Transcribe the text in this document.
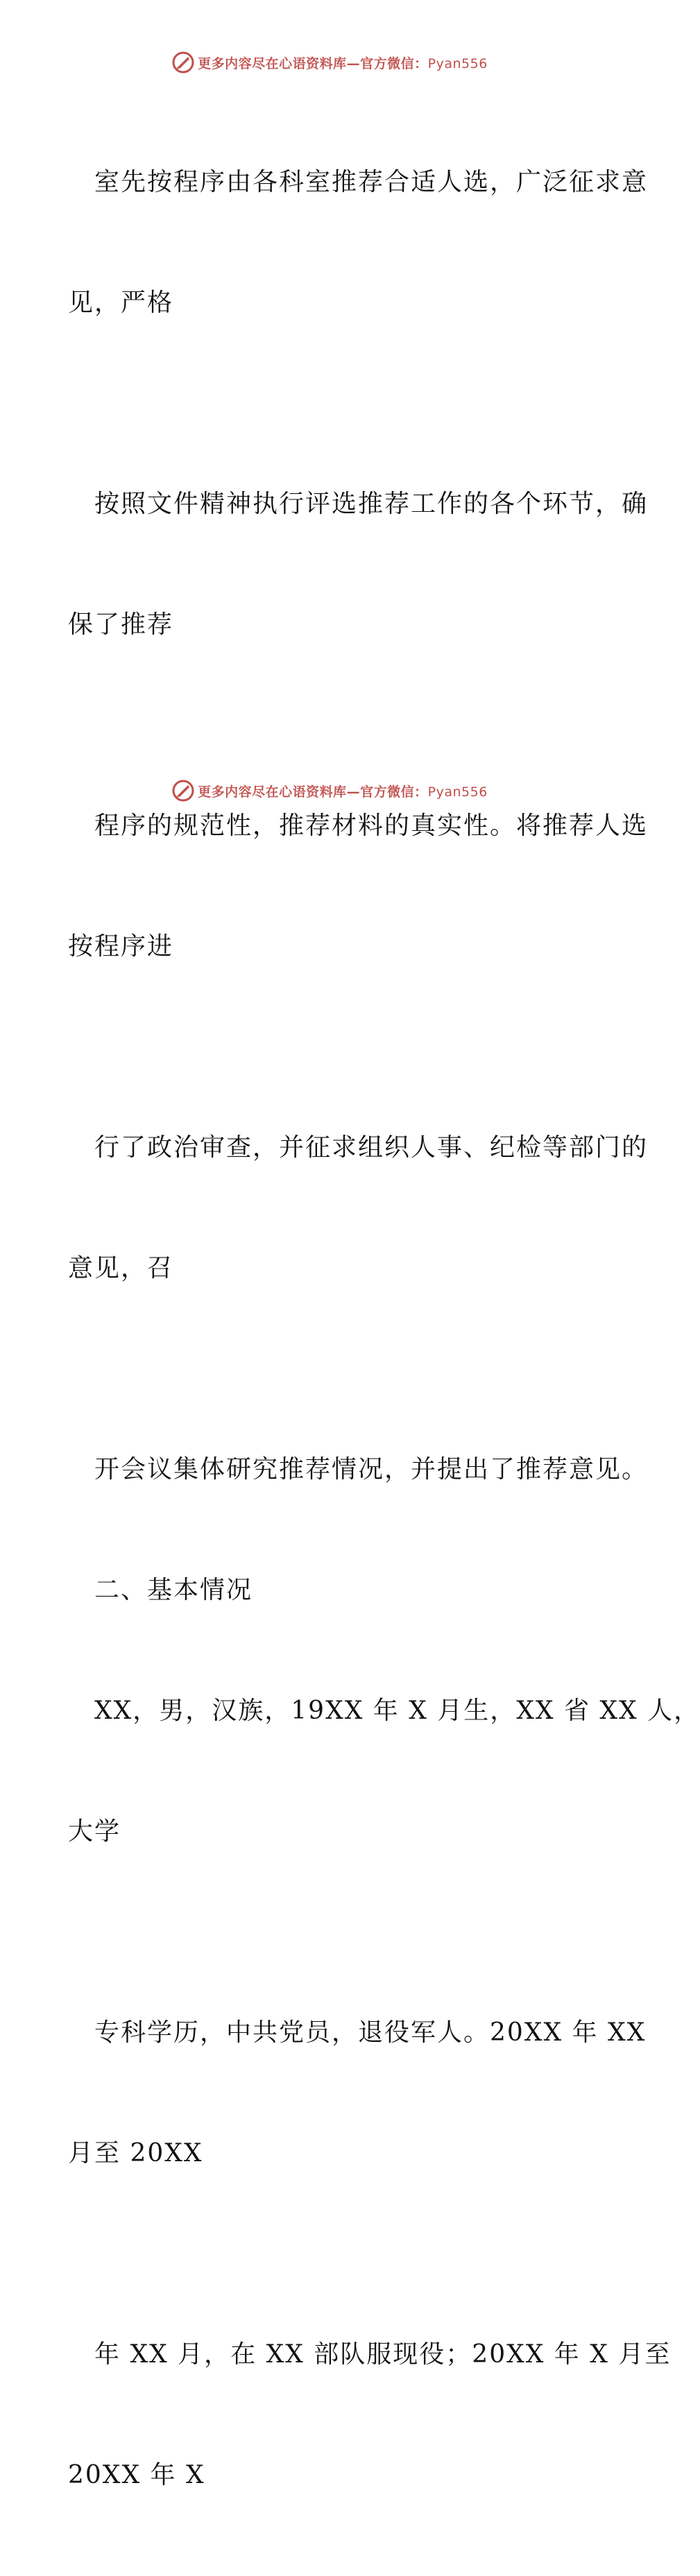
更多内容尽在心语资料库—官方微信：Pyan556

室先按程序由各科室推荐合适人选，广泛征求意

见，严格

按照文件精神执行评选推荐工作的各个环节，确

保了推荐

程序的规范性，推荐材料的真实性。将推荐人选

按程序进

行了政治审查，并征求组织人事、纪检等部门的

意见，召

开会议集体研究推荐情况，并提出了推荐意见。

二、基本情况

XX，男，汉族，19XX 年 X 月生，XX 省 XX 人，

大学

专科学历，中共党员，退役军人。20XX 年 XX

月至 20XX

年 XX 月，在 XX 部队服现役；20XX 年 X 月至

20XX 年 X

更多内容尽在心语资料库—官方微信：Pyan556
